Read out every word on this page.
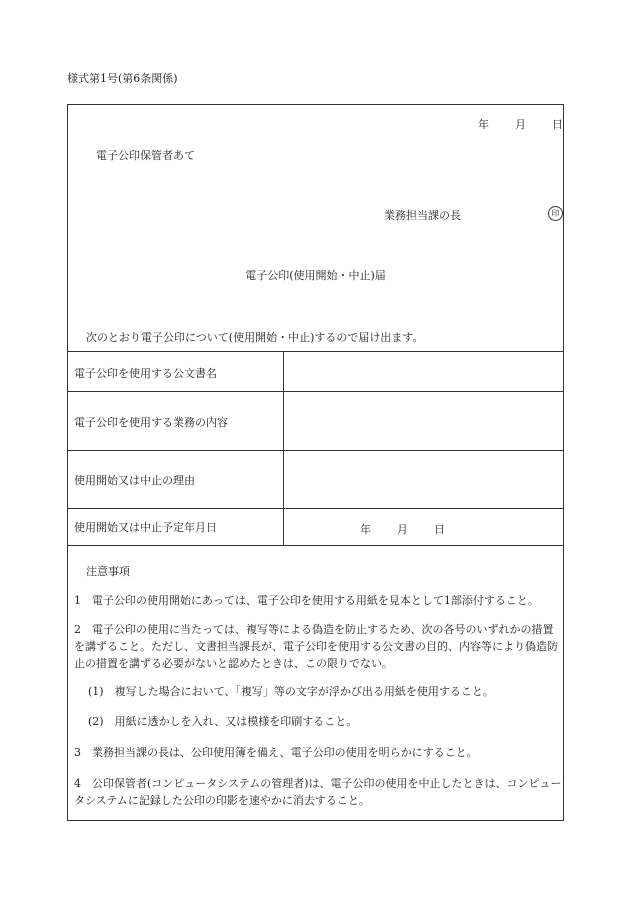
様式第1号(第6条関係)
年 月 日
電子公印保管者あて
業務担当課の長	印
電子公印(使用開始・中止)届
次のとおり電子公印について(使用開始・中止)するので届け出ます。
電子公印を使用する公文書名
電子公印を使用する業務の内容
使用開始又は中止の理由
使用開始又は中止予定年月日	年 月 日
注意事項
1　電子公印の使用開始にあっては、電子公印を使用する用紙を見本として1部添付すること。
2　電子公印の使用に当たっては、複写等による偽造を防止するため、次の各号のいずれかの措置を講ずること。ただし、文書担当課長が、電子公印を使用する公文書の目的、内容等により偽造防止の措置を講ずる必要がないと認めたときは、この限りでない。
(1)　複写した場合において、「複写」等の文字が浮かび出る用紙を使用すること。
(2)　用紙に透かしを入れ、又は模様を印刷すること。
3　業務担当課の長は、公印使用簿を備え、電子公印の使用を明らかにすること。
4　公印保管者(コンピュータシステムの管理者)は、電子公印の使用を中止したときは、コンピュータシステムに記録した公印の印影を速やかに消去すること。
